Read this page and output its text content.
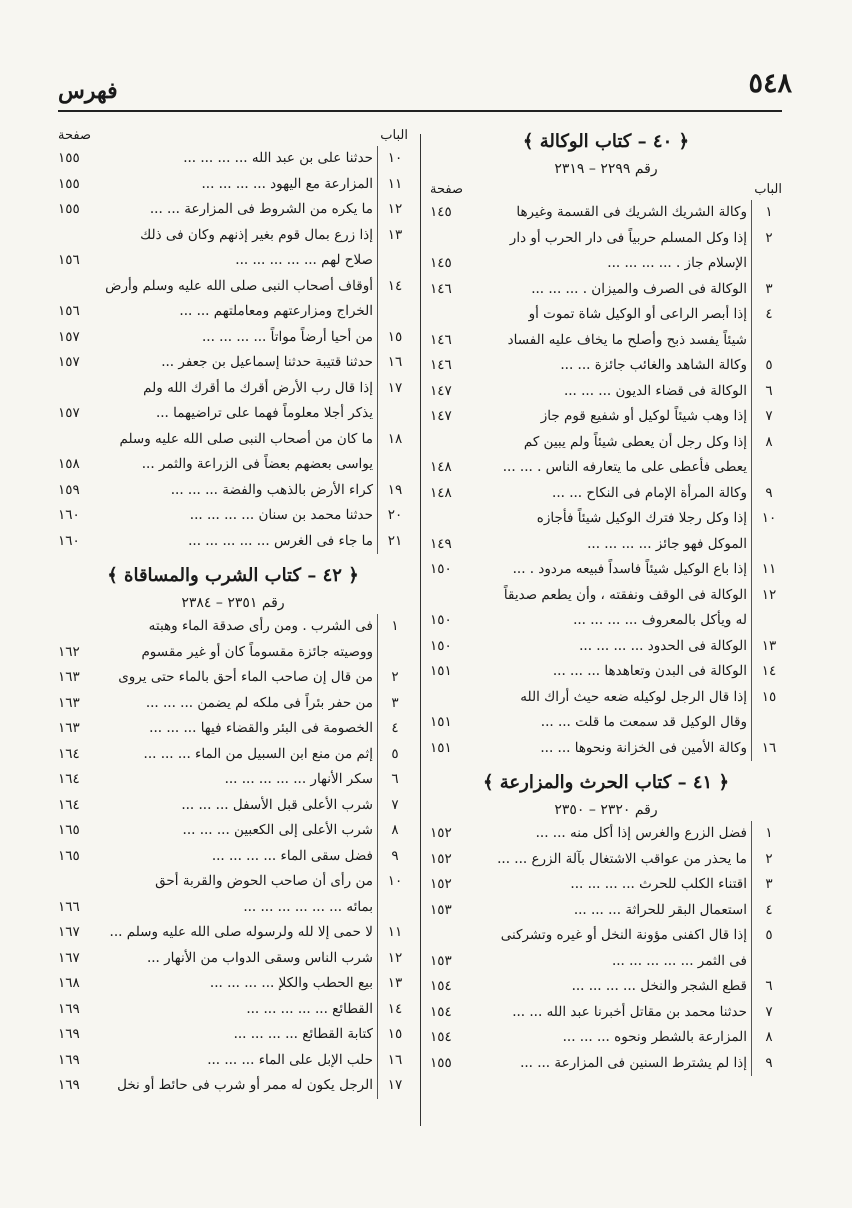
٥٤٨
فهرس
﴿ ٤٠ – كتاب الوكالة ﴾
رقم ٢٢٩٩ – ٢٣١٩
الباب
صفحة
١
وكالة الشريك الشريك فى القسمة وغيرها
١٤٥
٢
إذا وكل المسلم حربياً فى دار الحرب أو دار
الإسلام جاز . ... ... ... ...
١٤٥
٣
الوكالة فى الصرف والميزان . ... ... ...
١٤٦
٤
إذا أبصر الراعى أو الوكيل شاة تموت أو
شيئاً يفسد ذبح وأصلح ما يخاف عليه الفساد
١٤٦
٥
وكالة الشاهد والغائب جائزة ... ...
١٤٦
٦
الوكالة فى قضاء الديون ... ... ...
١٤٧
٧
إذا وهب شيئاً لوكيل أو شفيع قوم جاز
١٤٧
٨
إذا وكل رجل أن يعطى شيئاً ولم يبين كم
يعطى فأعطى على ما يتعارفه الناس . ... ...
١٤٨
٩
وكالة المرأة الإمام فى النكاح ... ...
١٤٨
١٠
إذا وكل رجلا فترك الوكيل شيئاً فأجازه
الموكل فهو جائز ... ... ... ...
١٤٩
١١
إذا باع الوكيل شيئاً فاسداً فبيعه مردود . ...
١٥٠
١٢
الوكالة فى الوقف ونفقته ، وأن يطعم صديقاً
له ويأكل بالمعروف ... ... ... ...
١٥٠
١٣
الوكالة فى الحدود ... ... ... ...
١٥٠
١٤
الوكالة فى البدن وتعاهدها ... ... ...
١٥١
١٥
إذا قال الرجل لوكيله ضعه حيث أراك الله
وقال الوكيل قد سمعت ما قلت ... ...
١٥١
١٦
وكالة الأمين فى الخزانة ونحوها ... ...
١٥١
﴿ ٤١ – كتاب الحرث والمزارعة ﴾
رقم ٢٣٢٠ – ٢٣٥٠
١
فضل الزرع والغرس إذا أكل منه ... ...
١٥٢
٢
ما يحذر من عواقب الاشتغال بآلة الزرع ... ...
١٥٢
٣
اقتناء الكلب للحرث ... ... ... ...
١٥٢
٤
استعمال البقر للحراثة ... ... ...
١٥٣
٥
إذا قال اكفنى مؤونة النخل أو غيره وتشركنى
فى الثمر ... ... ... ... ...
١٥٣
٦
قطع الشجر والنخل ... ... ... ...
١٥٤
٧
حدثنا محمد بن مقاتل أخبرنا عبد الله ... ...
١٥٤
٨
المزارعة بالشطر ونحوه ... ... ...
١٥٤
٩
إذا لم يشترط السنين فى المزارعة ... ...
١٥٥
الباب
صفحة
١٠
حدثنا على بن عبد الله ... ... ... ...
١٥٥
١١
المزارعة مع اليهود ... ... ... ...
١٥٥
١٢
ما يكره من الشروط فى المزارعة ... ...
١٥٥
١٣
إذا زرع بمال قوم بغير إذنهم وكان فى ذلك
صلاح لهم ... ... ... ... ...
١٥٦
١٤
أوقاف أصحاب النبى صلى الله عليه وسلم وأرض
الخراج ومزارعتهم ومعاملتهم ... ...
١٥٦
١٥
من أحيا أرضاً مواتاً ... ... ... ...
١٥٧
١٦
حدثنا قتيبة حدثنا إسماعيل بن جعفر ...
١٥٧
١٧
إذا قال رب الأرض أقرك ما أقرك الله ولم
يذكر أجلا معلوماً فهما على تراضيهما ...
١٥٧
١٨
ما كان من أصحاب النبى صلى الله عليه وسلم
يواسى بعضهم بعضاً فى الزراعة والثمر ...
١٥٨
١٩
كراء الأرض بالذهب والفضة ... ... ...
١٥٩
٢٠
حدثنا محمد بن سنان ... ... ... ...
١٦٠
٢١
ما جاء فى الغرس ... ... ... ... ...
١٦٠
﴿ ٤٢ – كتاب الشرب والمساقاة ﴾
رقم ٢٣٥١ – ٢٣٨٤
١
فى الشرب . ومن رأى صدقة الماء وهبته
ووصيته جائزة مقسوماً كان أو غير مقسوم
١٦٢
٢
من قال إن صاحب الماء أحق بالماء حتى يروى
١٦٣
٣
من حفر بئراً فى ملكه لم يضمن ... ... ...
١٦٣
٤
الخصومة فى البئر والقضاء فيها ... ... ...
١٦٣
٥
إثم من منع ابن السبيل من الماء ... ... ...
١٦٤
٦
سكر الأنهار ... ... ... ... ...
١٦٤
٧
شرب الأعلى قبل الأسفل ... ... ...
١٦٤
٨
شرب الأعلى إلى الكعبين ... ... ...
١٦٥
٩
فضل سقى الماء ... ... ... ...
١٦٥
١٠
من رأى أن صاحب الحوض والقربة أحق
بمائه ... ... ... ... ... ...
١٦٦
١١
لا حمى إلا لله ولرسوله صلى الله عليه وسلم ...
١٦٧
١٢
شرب الناس وسقى الدواب من الأنهار ...
١٦٧
١٣
بيع الحطب والكلإ ... ... ... ...
١٦٨
١٤
القطائع ... ... ... ... ...
١٦٩
١٥
كتابة القطائع ... ... ... ...
١٦٩
١٦
حلب الإبل على الماء ... ... ...
١٦٩
١٧
الرجل يكون له ممر أو شرب فى حائط أو نخل
١٦٩
